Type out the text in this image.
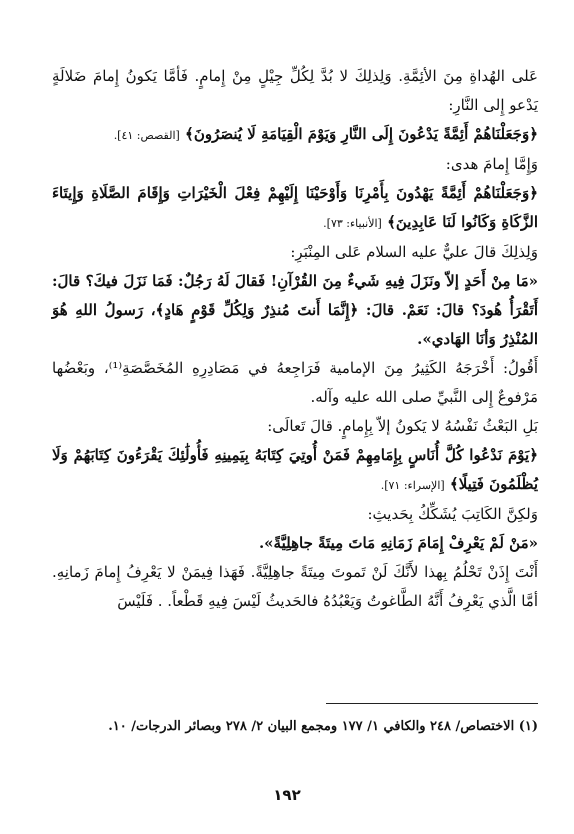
عَلى الهُداةِ مِنَ الأئِمَّةِ. وَلِذلِكَ لا بُدَّ لِكُلِّ جِيْلٍ مِنْ إِمامٍ. فَأمَّا يَكونُ إِمامَ ضَلالَةٍ يَدْعو إِلى النَّارِ:

﴿وَجَعَلْنَاهُمْ أَئِمَّةً يَدْعُونَ إِلَى النَّارِ وَيَوْمَ الْقِيَامَةِ لَا يُنصَرُونَ﴾ [القصص: ٤١].

وَإِمَّا إِمامَ هدى:

﴿وَجَعَلْنَاهُمْ أَئِمَّةً يَهْدُونَ بِأَمْرِنَا وَأَوْحَيْنَا إِلَيْهِمْ فِعْلَ الْخَيْرَاتِ وَإِقَامَ الصَّلَاةِ وَإِيتَاءَ الزَّكَاةِ وَكَانُوا لَنَا عَابِدِينَ﴾ [الأنبياء: ٧٣].

وَلِذلِكَ قالَ عليٌّ عليه السلام عَلى المِنْبَرِ:

«مَا مِنْ أَحَدٍ إلاّ ونَزَلَ فِيهِ شَيءٌ مِنَ القُرْآنِ! فَقالَ لَهُ رَجُلٌ: فَمَا نَزَلَ فيكَ؟ قالَ: أَتَقْرَأُ هُودَ؟ قالَ: نَعَمْ. قالَ: ﴿إِنَّمَا أَنتَ مُنذِرٌ وَلِكُلِّ قَوْمٍ هَادٍ﴾، رَسولُ اللهِ هُوَ المُنْذِرُ وَأنَا الهَادي».

أَقُولُ: أَخْرَجَهُ الكَثِيرُ مِنَ الإمامية فَرَاجِعهُ في مَصَادِرِهِ المُخَصَّصَةِ⁽¹⁾، وبَعْضُها مَرْفوعٌ إِلى النَّبيِّ صلى الله عليه وآله.

بَلِ البَعْثُ نَفْسُهُ لا يَكونُ إلاّ بِإِمامٍ. قالَ تَعالَى:

﴿يَوْمَ نَدْعُوا كُلَّ أُنَاسٍ بِإِمَامِهِمْ فَمَنْ أُوتِيَ كِتَابَهُ بِيَمِينِهِ فَأُولَٰئِكَ يَقْرَءُونَ كِتَابَهُمْ وَلَا يُظْلَمُونَ فَتِيلًا﴾ [الإسراء: ٧١].

وَلكِنَّ الكَاتِبَ يُشَكِّكُ بِحَديثِ:

«مَنْ لَمْ يَعْرِفْ إِمَامَ زَمَانِهِ مَاتَ مِيتَةً جاهِلِيَّةً».

أَنْتَ إِذَنْ تَحْلُمُ بِهذا لأَنَّكَ لَنْ تَموتَ مِيتَةً جاهِلِيَّةً. فَهَذا فِيمَنْ لا يَعْرِفُ إِمامَ زَمانِهِ. أمَّا الَّذي يَعْرِفُ أَنَّهُ الطَّاغوتُ وَيَعْبُدُهُ فالحَديثُ لَيْسَ فِيهِ قَطْعاً. . فَلَيْسَ

(١) الاختصاص/ ٢٤٨ والكافي ١/ ١٧٧ ومجمع البيان ٢/ ٢٧٨ وبصائر الدرجات/ ١٠.

١٩٢
